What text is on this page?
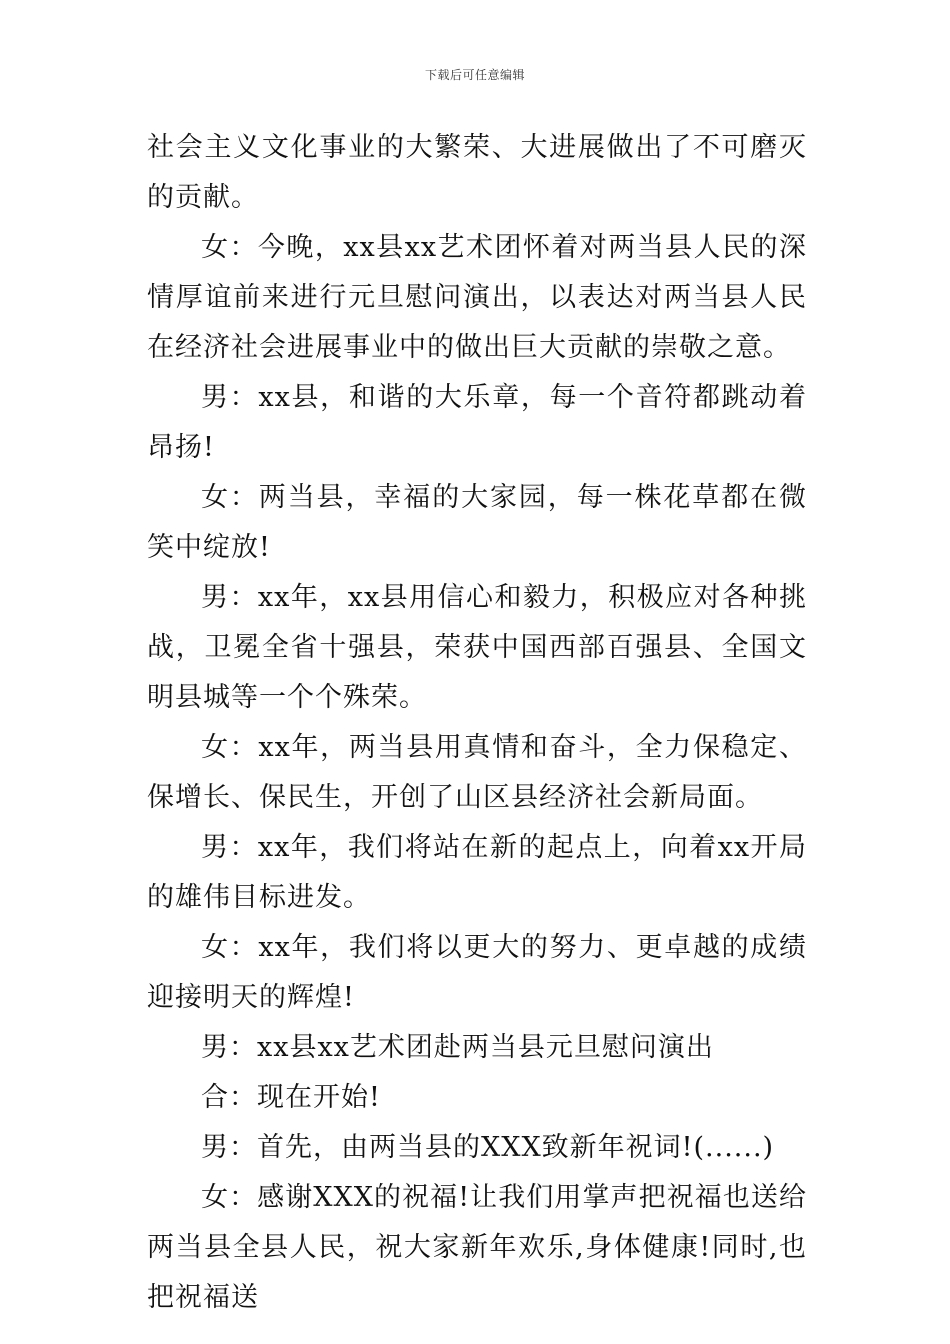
下载后可任意编辑

社会主义文化事业的大繁荣、大进展做出了不可磨灭的贡献。

女：今晚，xx县xx艺术团怀着对两当县人民的深情厚谊前来进行元旦慰问演出，以表达对两当县人民在经济社会进展事业中的做出巨大贡献的崇敬之意。

男：xx县，和谐的大乐章，每一个音符都跳动着昂扬!

女：两当县，幸福的大家园，每一株花草都在微笑中绽放!

男：xx年，xx县用信心和毅力，积极应对各种挑战，卫冕全省十强县，荣获中国西部百强县、全国文明县城等一个个殊荣。

女：xx年，两当县用真情和奋斗，全力保稳定、保增长、保民生，开创了山区县经济社会新局面。

男：xx年，我们将站在新的起点上，向着xx开局的雄伟目标进发。

女：xx年，我们将以更大的努力、更卓越的成绩 迎接明天的辉煌!

男：xx县xx艺术团赴两当县元旦慰问演出

合：现在开始!

男：首先，由两当县的XXX致新年祝词!(......)

女：感谢XXX的祝福!让我们用掌声把祝福也送给两当县全县人民，祝大家新年欢乐,身体健康!同时,也把祝福送
